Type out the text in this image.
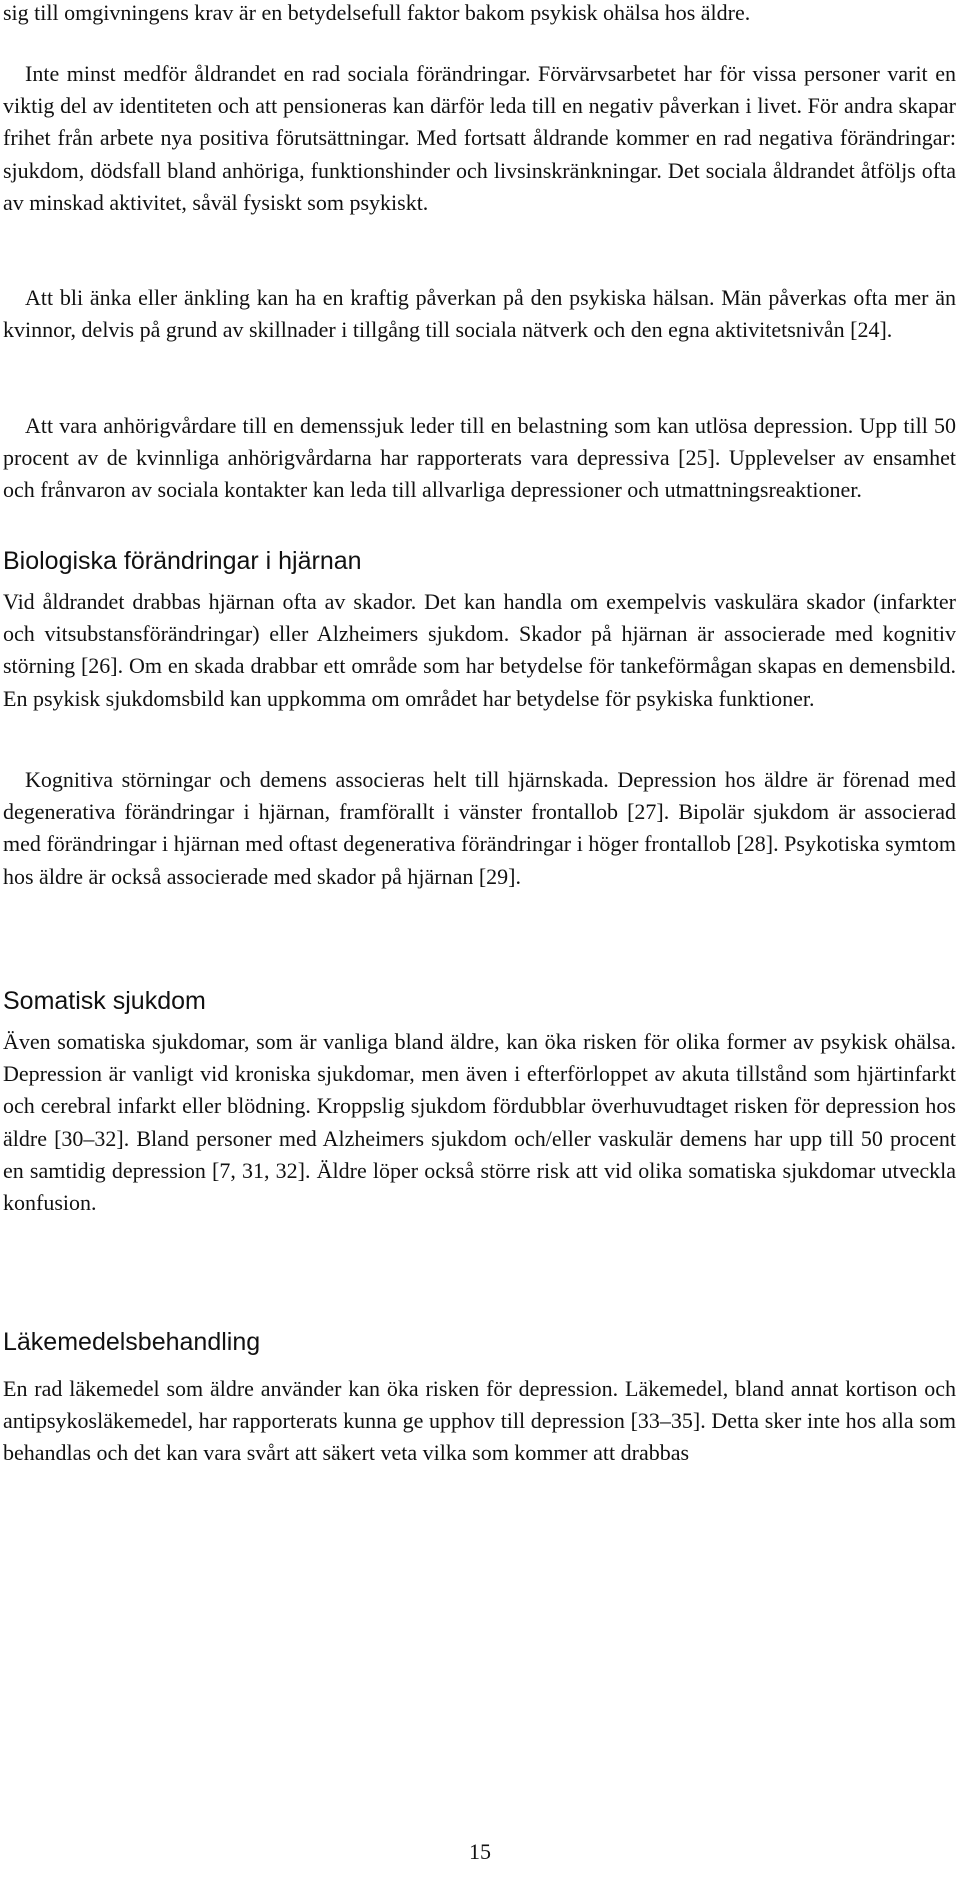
sig till omgivningens krav är en betydelsefull faktor bakom psykisk ohälsa hos äldre.

Inte minst medför åldrandet en rad sociala förändringar. Förvärvsarbetet har för vissa personer varit en viktig del av identiteten och att pensioneras kan därför leda till en negativ påverkan i livet. För andra skapar frihet från arbete nya positiva förutsättningar. Med fortsatt åldrande kommer en rad negativa förändringar: sjukdom, dödsfall bland anhöriga, funktionshinder och livsinskränkningar. Det sociala åldrandet åtföljs ofta av minskad aktivitet, såväl fysiskt som psykiskt.

Att bli änka eller änkling kan ha en kraftig påverkan på den psykiska hälsan. Män påverkas ofta mer än kvinnor, delvis på grund av skillnader i tillgång till sociala nätverk och den egna aktivitetsnivån [24].

Att vara anhörigvårdare till en demenssjuk leder till en belastning som kan utlösa depression. Upp till 50 procent av de kvinnliga anhörigvårdarna har rapporterats vara depressiva [25]. Upplevelser av ensamhet och frånvaron av sociala kontakter kan leda till allvarliga depressioner och utmattningsreaktioner.

Biologiska förändringar i hjärnan

Vid åldrandet drabbas hjärnan ofta av skador. Det kan handla om exempelvis vaskulära skador (infarkter och vitsubstansförändringar) eller Alzheimers sjukdom. Skador på hjärnan är associerade med kognitiv störning [26]. Om en skada drabbar ett område som har betydelse för tankeförmågan skapas en demensbild. En psykisk sjukdomsbild kan uppkomma om området har betydelse för psykiska funktioner.

Kognitiva störningar och demens associeras helt till hjärnskada. Depression hos äldre är förenad med degenerativa förändringar i hjärnan, framförallt i vänster frontallob [27]. Bipolär sjukdom är associerad med förändringar i hjärnan med oftast degenerativa förändringar i höger frontallob [28]. Psykotiska symtom hos äldre är också associerade med skador på hjärnan [29].

Somatisk sjukdom

Även somatiska sjukdomar, som är vanliga bland äldre, kan öka risken för olika former av psykisk ohälsa. Depression är vanligt vid kroniska sjukdomar, men även i efterförloppet av akuta tillstånd som hjärtinfarkt och cerebral infarkt eller blödning. Kroppslig sjukdom fördubblar överhuvudtaget risken för depression hos äldre [30–32]. Bland personer med Alzheimers sjukdom och/eller vaskulär demens har upp till 50 procent en samtidig depression [7, 31, 32]. Äldre löper också större risk att vid olika somatiska sjukdomar utveckla konfusion.

Läkemedelsbehandling

En rad läkemedel som äldre använder kan öka risken för depression. Läkemedel, bland annat kortison och antipsykosläkemedel, har rapporterats kunna ge upphov till depression [33–35]. Detta sker inte hos alla som behandlas och det kan vara svårt att säkert veta vilka som kommer att drabbas

15
